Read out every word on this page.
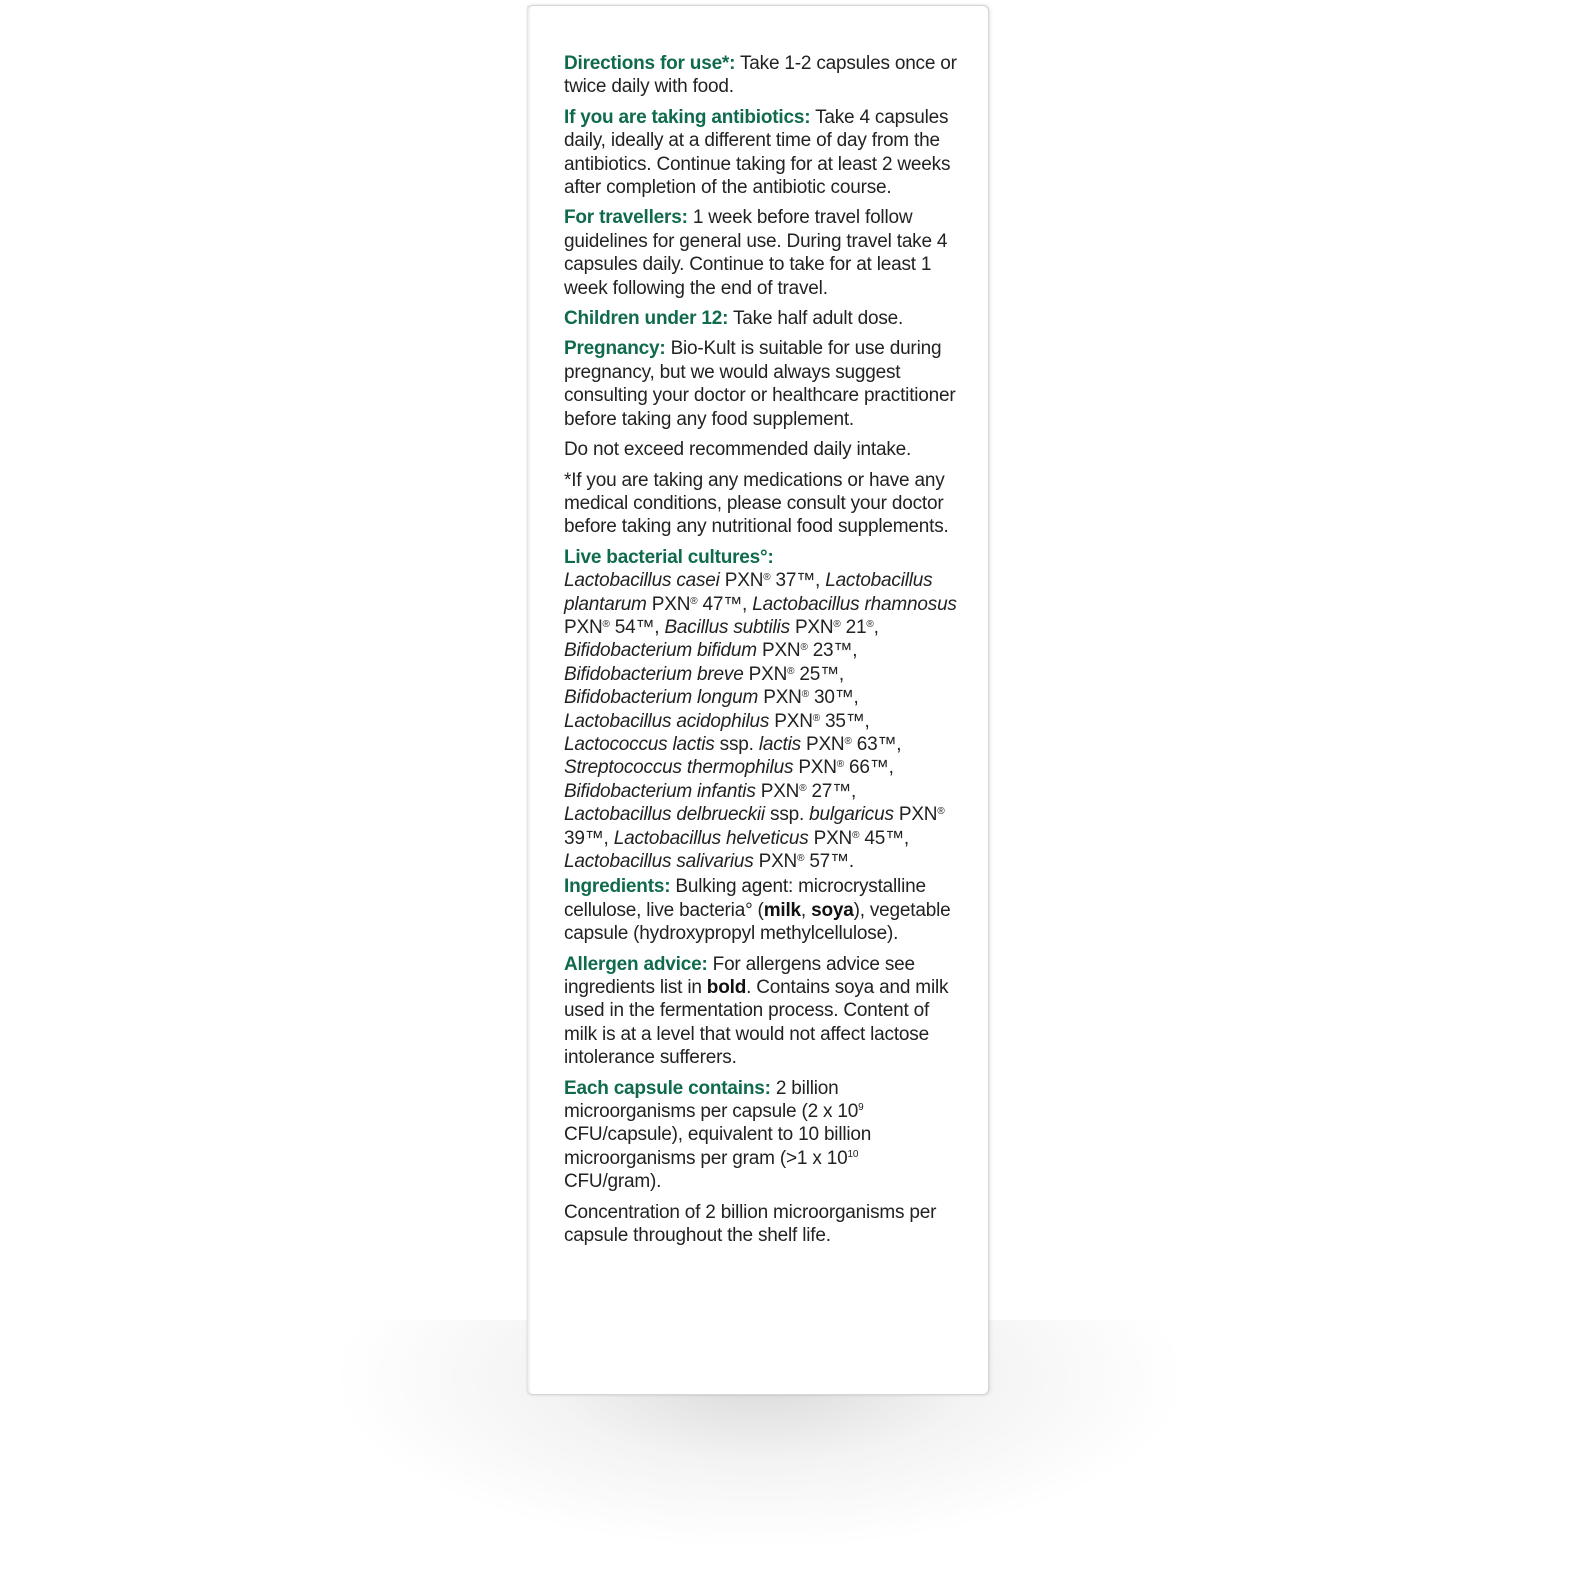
Directions for use*: Take 1-2 capsules once or twice daily with food.

If you are taking antibiotics: Take 4 capsules daily, ideally at a different time of day from the antibiotics. Continue taking for at least 2 weeks after completion of the antibiotic course.

For travellers: 1 week before travel follow guidelines for general use. During travel take 4 capsules daily. Continue to take for at least 1 week following the end of travel.

Children under 12: Take half adult dose.

Pregnancy: Bio-Kult is suitable for use during pregnancy, but we would always suggest consulting your doctor or healthcare practitioner before taking any food supplement.

Do not exceed recommended daily intake.

*If you are taking any medications or have any medical conditions, please consult your doctor before taking any nutritional food supplements.

Live bacterial cultures°:
Lactobacillus casei PXN® 37™, Lactobacillus plantarum PXN® 47™, Lactobacillus rhamnosus PXN® 54™, Bacillus subtilis PXN® 21®, Bifidobacterium bifidum PXN® 23™, Bifidobacterium breve PXN® 25™, Bifidobacterium longum PXN® 30™, Lactobacillus acidophilus PXN® 35™, Lactococcus lactis ssp. lactis PXN® 63™, Streptococcus thermophilus PXN® 66™, Bifidobacterium infantis PXN® 27™, Lactobacillus delbrueckii ssp. bulgaricus PXN® 39™, Lactobacillus helveticus PXN® 45™, Lactobacillus salivarius PXN® 57™.

Ingredients: Bulking agent: microcrystalline cellulose, live bacteria° (milk, soya), vegetable capsule (hydroxypropyl methylcellulose).

Allergen advice: For allergens advice see ingredients list in bold. Contains soya and milk used in the fermentation process. Content of milk is at a level that would not affect lactose intolerance sufferers.

Each capsule contains: 2 billion microorganisms per capsule (2 x $10^9$ CFU/capsule), equivalent to 10 billion microorganisms per gram (>1 x $10^{10}$ CFU/gram).

Concentration of 2 billion microorganisms per capsule throughout the shelf life.
